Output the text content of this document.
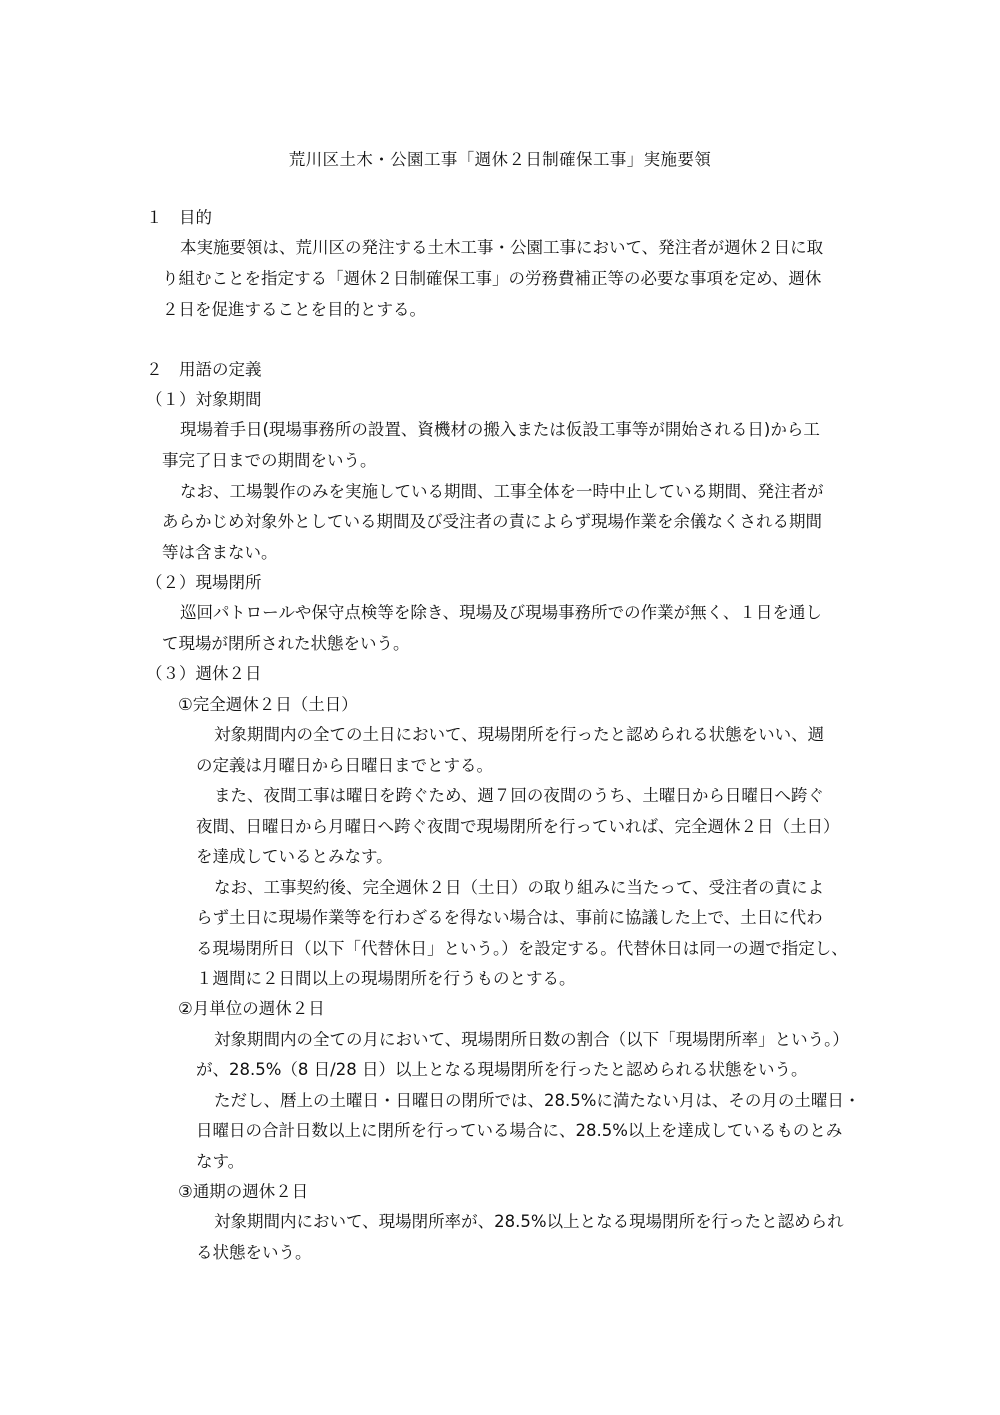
荒川区土木・公園工事「週休２日制確保工事」実施要領
１　目的
本実施要領は、荒川区の発注する土木工事・公園工事において、発注者が週休２日に取
り組むことを指定する「週休２日制確保工事」の労務費補正等の必要な事項を定め、週休
２日を促進することを目的とする。
２　用語の定義
（１）対象期間
現場着手日(現場事務所の設置、資機材の搬入または仮設工事等が開始される日)から工
事完了日までの期間をいう。
なお、工場製作のみを実施している期間、工事全体を一時中止している期間、発注者が
あらかじめ対象外としている期間及び受注者の責によらず現場作業を余儀なくされる期間
等は含まない。
（２）現場閉所
巡回パトロールや保守点検等を除き、現場及び現場事務所での作業が無く、１日を通し
て現場が閉所された状態をいう。
（３）週休２日
①完全週休２日（土日）
対象期間内の全ての土日において、現場閉所を行ったと認められる状態をいい、週
の定義は月曜日から日曜日までとする。
また、夜間工事は曜日を跨ぐため、週７回の夜間のうち、土曜日から日曜日へ跨ぐ
夜間、日曜日から月曜日へ跨ぐ夜間で現場閉所を行っていれば、完全週休２日（土日）
を達成しているとみなす。
なお、工事契約後、完全週休２日（土日）の取り組みに当たって、受注者の責によ
らず土日に現場作業等を行わざるを得ない場合は、事前に協議した上で、土日に代わ
る現場閉所日（以下「代替休日」という。）を設定する。代替休日は同一の週で指定し、
１週間に２日間以上の現場閉所を行うものとする。
②月単位の週休２日
対象期間内の全ての月において、現場閉所日数の割合（以下「現場閉所率」という。）
が、28.5%（8 日/28 日）以上となる現場閉所を行ったと認められる状態をいう。
ただし、暦上の土曜日・日曜日の閉所では、28.5%に満たない月は、その月の土曜日・
日曜日の合計日数以上に閉所を行っている場合に、28.5%以上を達成しているものとみ
なす。
③通期の週休２日
対象期間内において、現場閉所率が、28.5%以上となる現場閉所を行ったと認められ
る状態をいう。
